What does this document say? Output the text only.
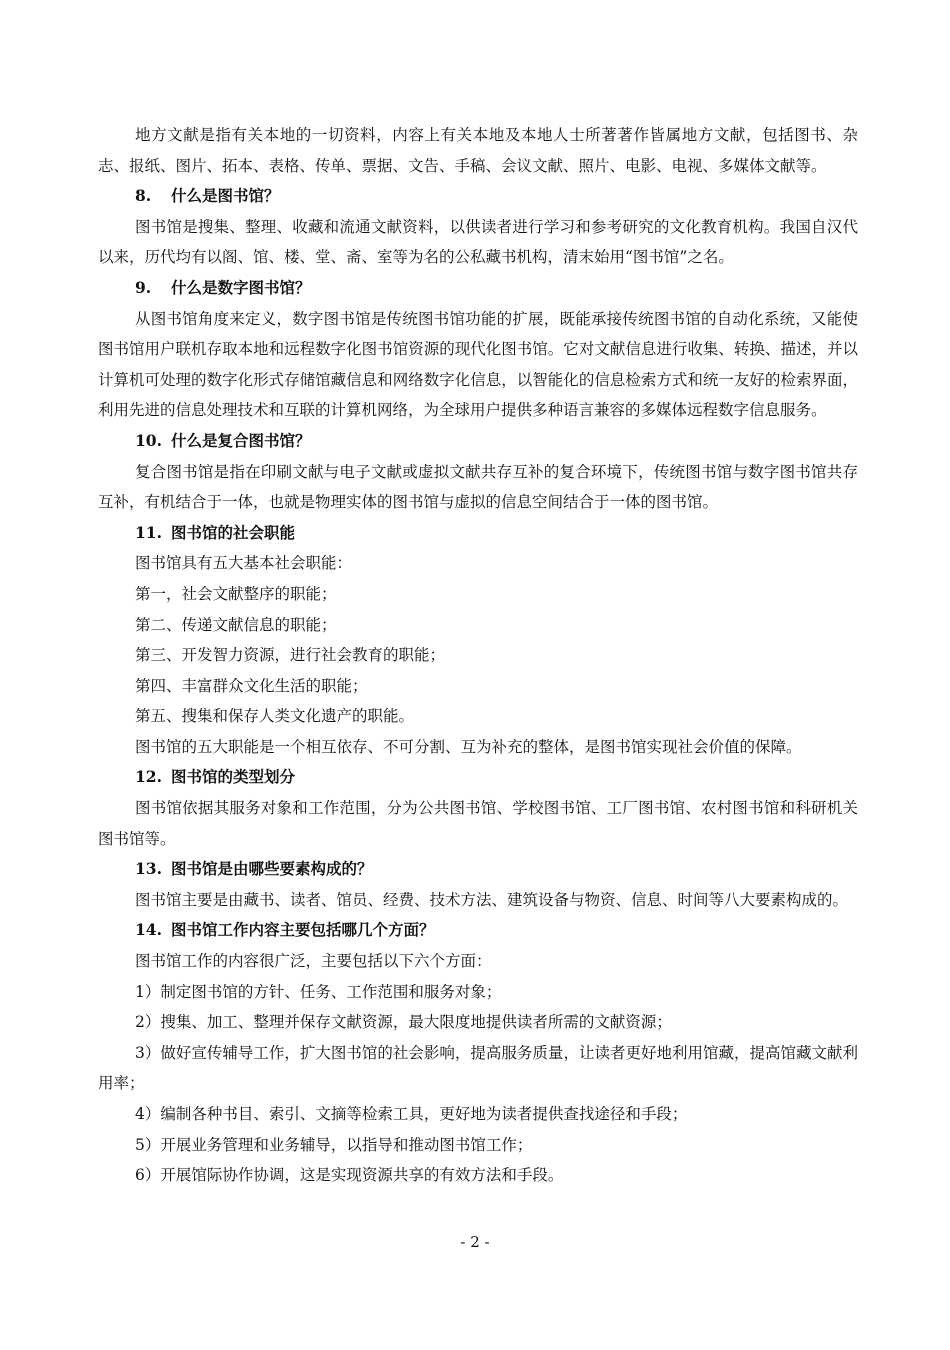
地方文献是指有关本地的一切资料，内容上有关本地及本地人士所著著作皆属地方文献，包括图书、杂志、报纸、图片、拓本、表格、传单、票据、文告、手稿、会议文献、照片、电影、电视、多媒体文献等。

8. 什么是图书馆？

图书馆是搜集、整理、收藏和流通文献资料，以供读者进行学习和参考研究的文化教育机构。我国自汉代以来，历代均有以阁、馆、楼、堂、斋、室等为名的公私藏书机构，清末始用“图书馆”之名。

9. 什么是数字图书馆？

从图书馆角度来定义，数字图书馆是传统图书馆功能的扩展，既能承接传统图书馆的自动化系统，又能使图书馆用户联机存取本地和远程数字化图书馆资源的现代化图书馆。它对文献信息进行收集、转换、描述，并以计算机可处理的数字化形式存储馆藏信息和网络数字化信息，以智能化的信息检索方式和统一友好的检索界面，利用先进的信息处理技术和互联的计算机网络，为全球用户提供多种语言兼容的多媒体远程数字信息服务。

10. 什么是复合图书馆？

复合图书馆是指在印刷文献与电子文献或虚拟文献共存互补的复合环境下，传统图书馆与数字图书馆共存互补，有机结合于一体，也就是物理实体的图书馆与虚拟的信息空间结合于一体的图书馆。

11. 图书馆的社会职能

图书馆具有五大基本社会职能：

第一，社会文献整序的职能；

第二、传递文献信息的职能；

第三、开发智力资源，进行社会教育的职能；

第四、丰富群众文化生活的职能；

第五、搜集和保存人类文化遗产的职能。

图书馆的五大职能是一个相互依存、不可分割、互为补充的整体，是图书馆实现社会价值的保障。

12. 图书馆的类型划分

图书馆依据其服务对象和工作范围，分为公共图书馆、学校图书馆、工厂图书馆、农村图书馆和科研机关图书馆等。

13. 图书馆是由哪些要素构成的？

图书馆主要是由藏书、读者、馆员、经费、技术方法、建筑设备与物资、信息、时间等八大要素构成的。

14. 图书馆工作内容主要包括哪几个方面？

图书馆工作的内容很广泛，主要包括以下六个方面：

1）制定图书馆的方针、任务、工作范围和服务对象；

2）搜集、加工、整理并保存文献资源，最大限度地提供读者所需的文献资源；

3）做好宣传辅导工作，扩大图书馆的社会影响，提高服务质量，让读者更好地利用馆藏，提高馆藏文献利用率；

4）编制各种书目、索引、文摘等检索工具，更好地为读者提供查找途径和手段；

5）开展业务管理和业务辅导，以指导和推动图书馆工作；

6）开展馆际协作协调，这是实现资源共享的有效方法和手段。

- 2 -
